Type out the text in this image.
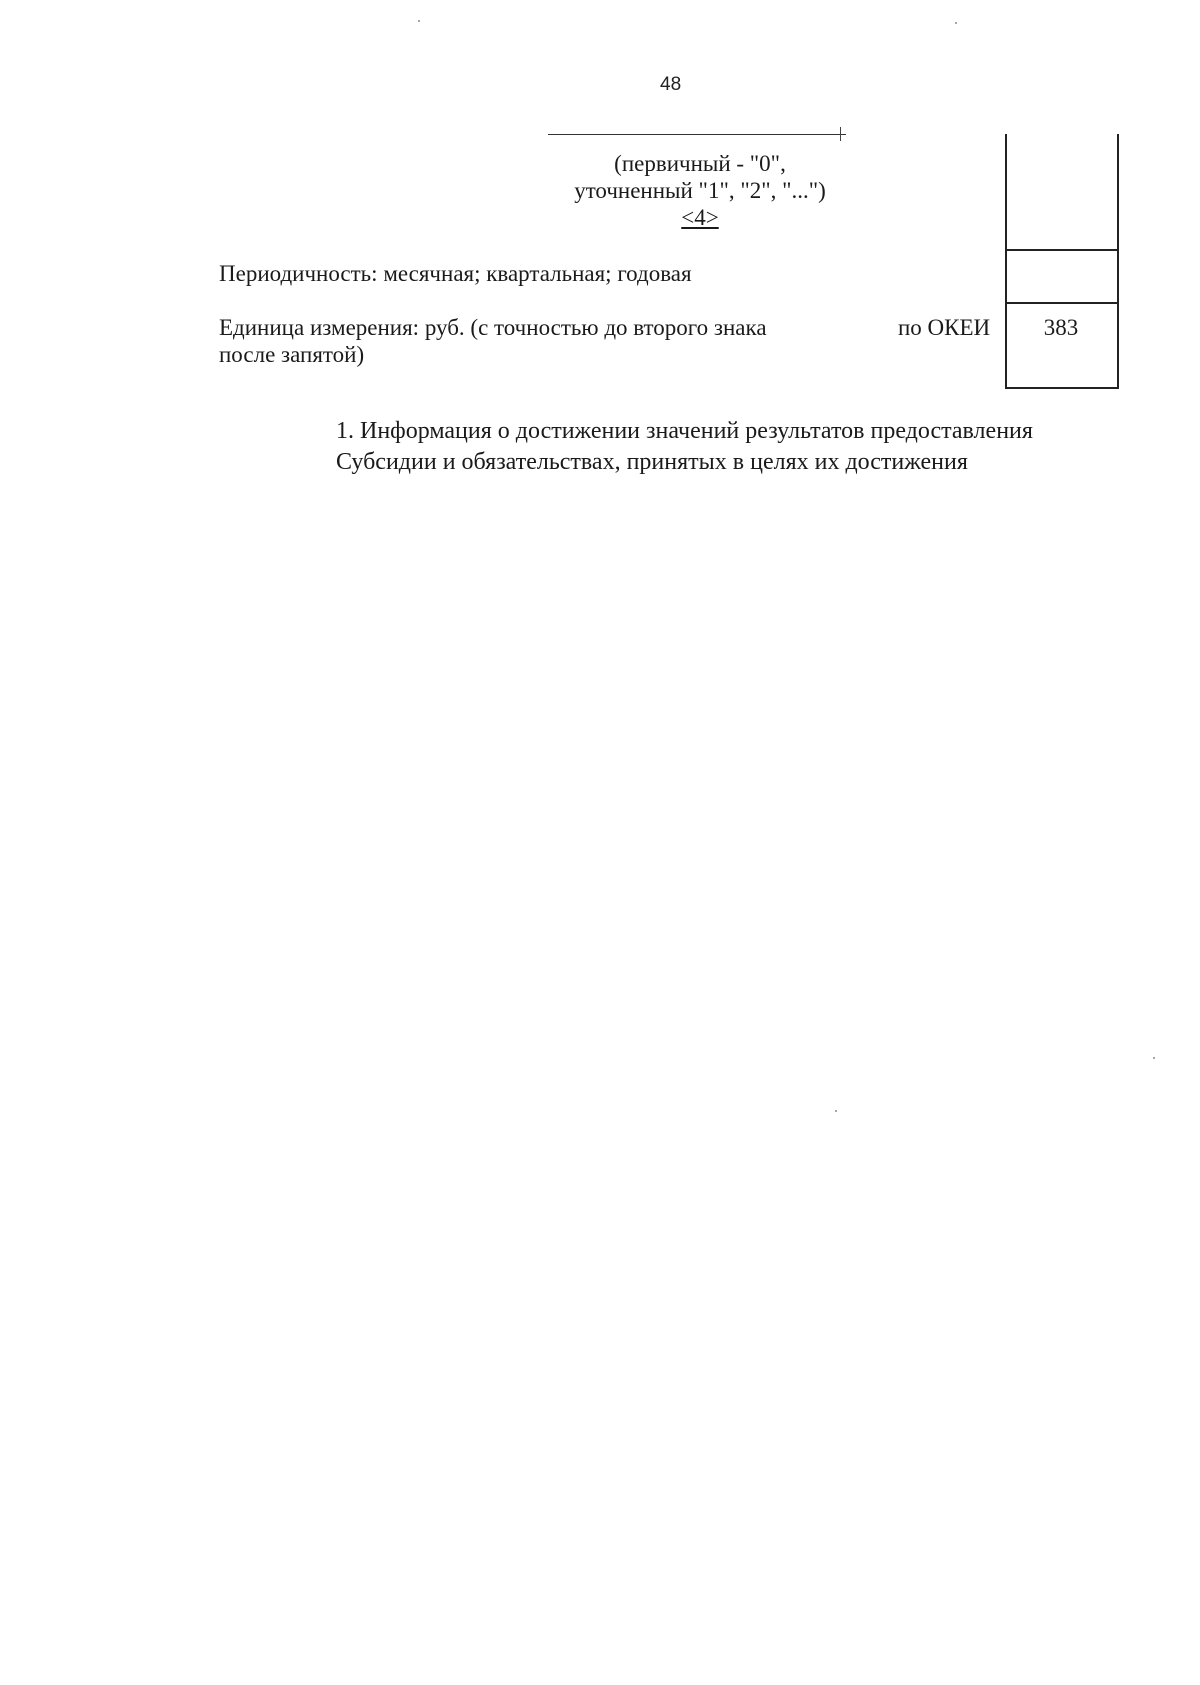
48
(первичный - "0",
уточненный "1", "2", "...")
<4>
Периодичность: месячная; квартальная; годовая
Единица измерения: руб. (с точностью до второго знака
после запятой)
по ОКЕИ	383
1. Информация о достижении значений результатов предоставления
Субсидии и обязательствах, принятых в целях их достижения
